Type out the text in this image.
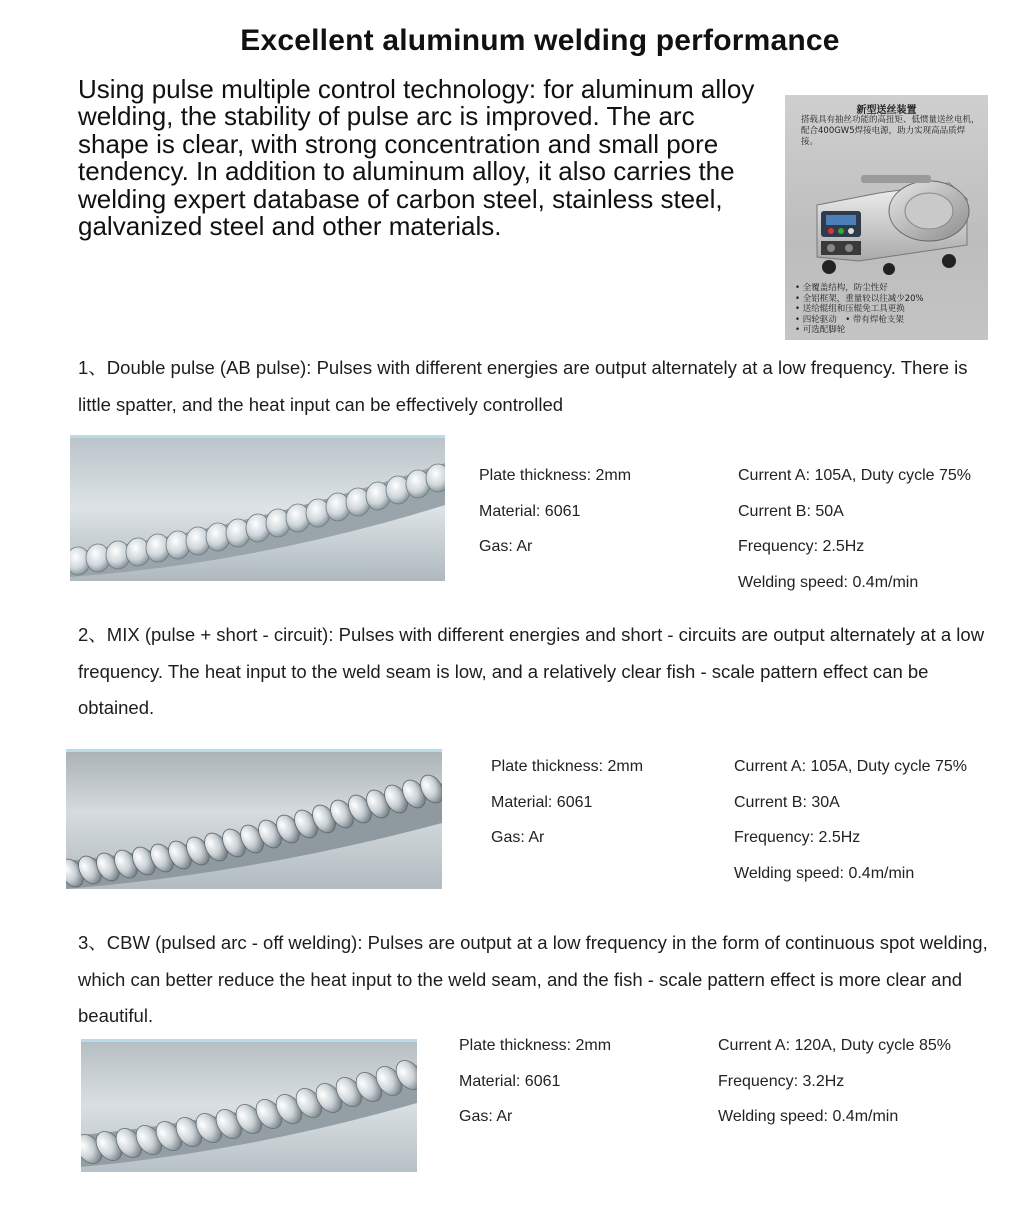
Excellent aluminum welding performance
Using pulse multiple control technology: for aluminum alloy welding, the stability of pulse arc is improved. The arc shape is clear, with strong concentration and small pore tendency. In addition to aluminum alloy, it also carries the welding expert database of carbon steel, stainless steel, galvanized steel and other materials.
新型送丝装置
搭载具有抽丝功能的高扭矩、低惯量送丝电机，配合400GW5焊接电源，助力实现高品质焊接。
• 全覆盖结构，防尘性好
• 全铝框架，重量较以往减少20%
• 送给辊组和压辊免工具更换
• 四轮驱动　• 带有焊枪支架
• 可选配脚轮
1、Double pulse (AB pulse): Pulses with different energies are output alternately at a low frequency. There is little spatter, and the heat input can be effectively controlled
Plate thickness: 2mm
Material: 6061
Gas: Ar
Current A: 105A, Duty cycle 75%
Current B: 50A
Frequency: 2.5Hz
Welding speed: 0.4m/min
2、MIX (pulse + short - circuit): Pulses with different energies and short - circuits are output alternately at a low frequency. The heat input to the weld seam is low, and a relatively clear fish - scale pattern effect can be obtained.
Plate thickness: 2mm
Material: 6061
Gas: Ar
Current A: 105A, Duty cycle 75%
Current B: 30A
Frequency: 2.5Hz
Welding speed: 0.4m/min
3、CBW (pulsed arc - off welding): Pulses are output at a low frequency in the form of continuous spot welding, which can better reduce the heat input to the weld seam, and the fish - scale pattern effect is more clear and beautiful.
Plate thickness: 2mm
Material: 6061
Gas: Ar
Current A: 120A, Duty cycle 85%
Frequency: 3.2Hz
Welding speed: 0.4m/min
